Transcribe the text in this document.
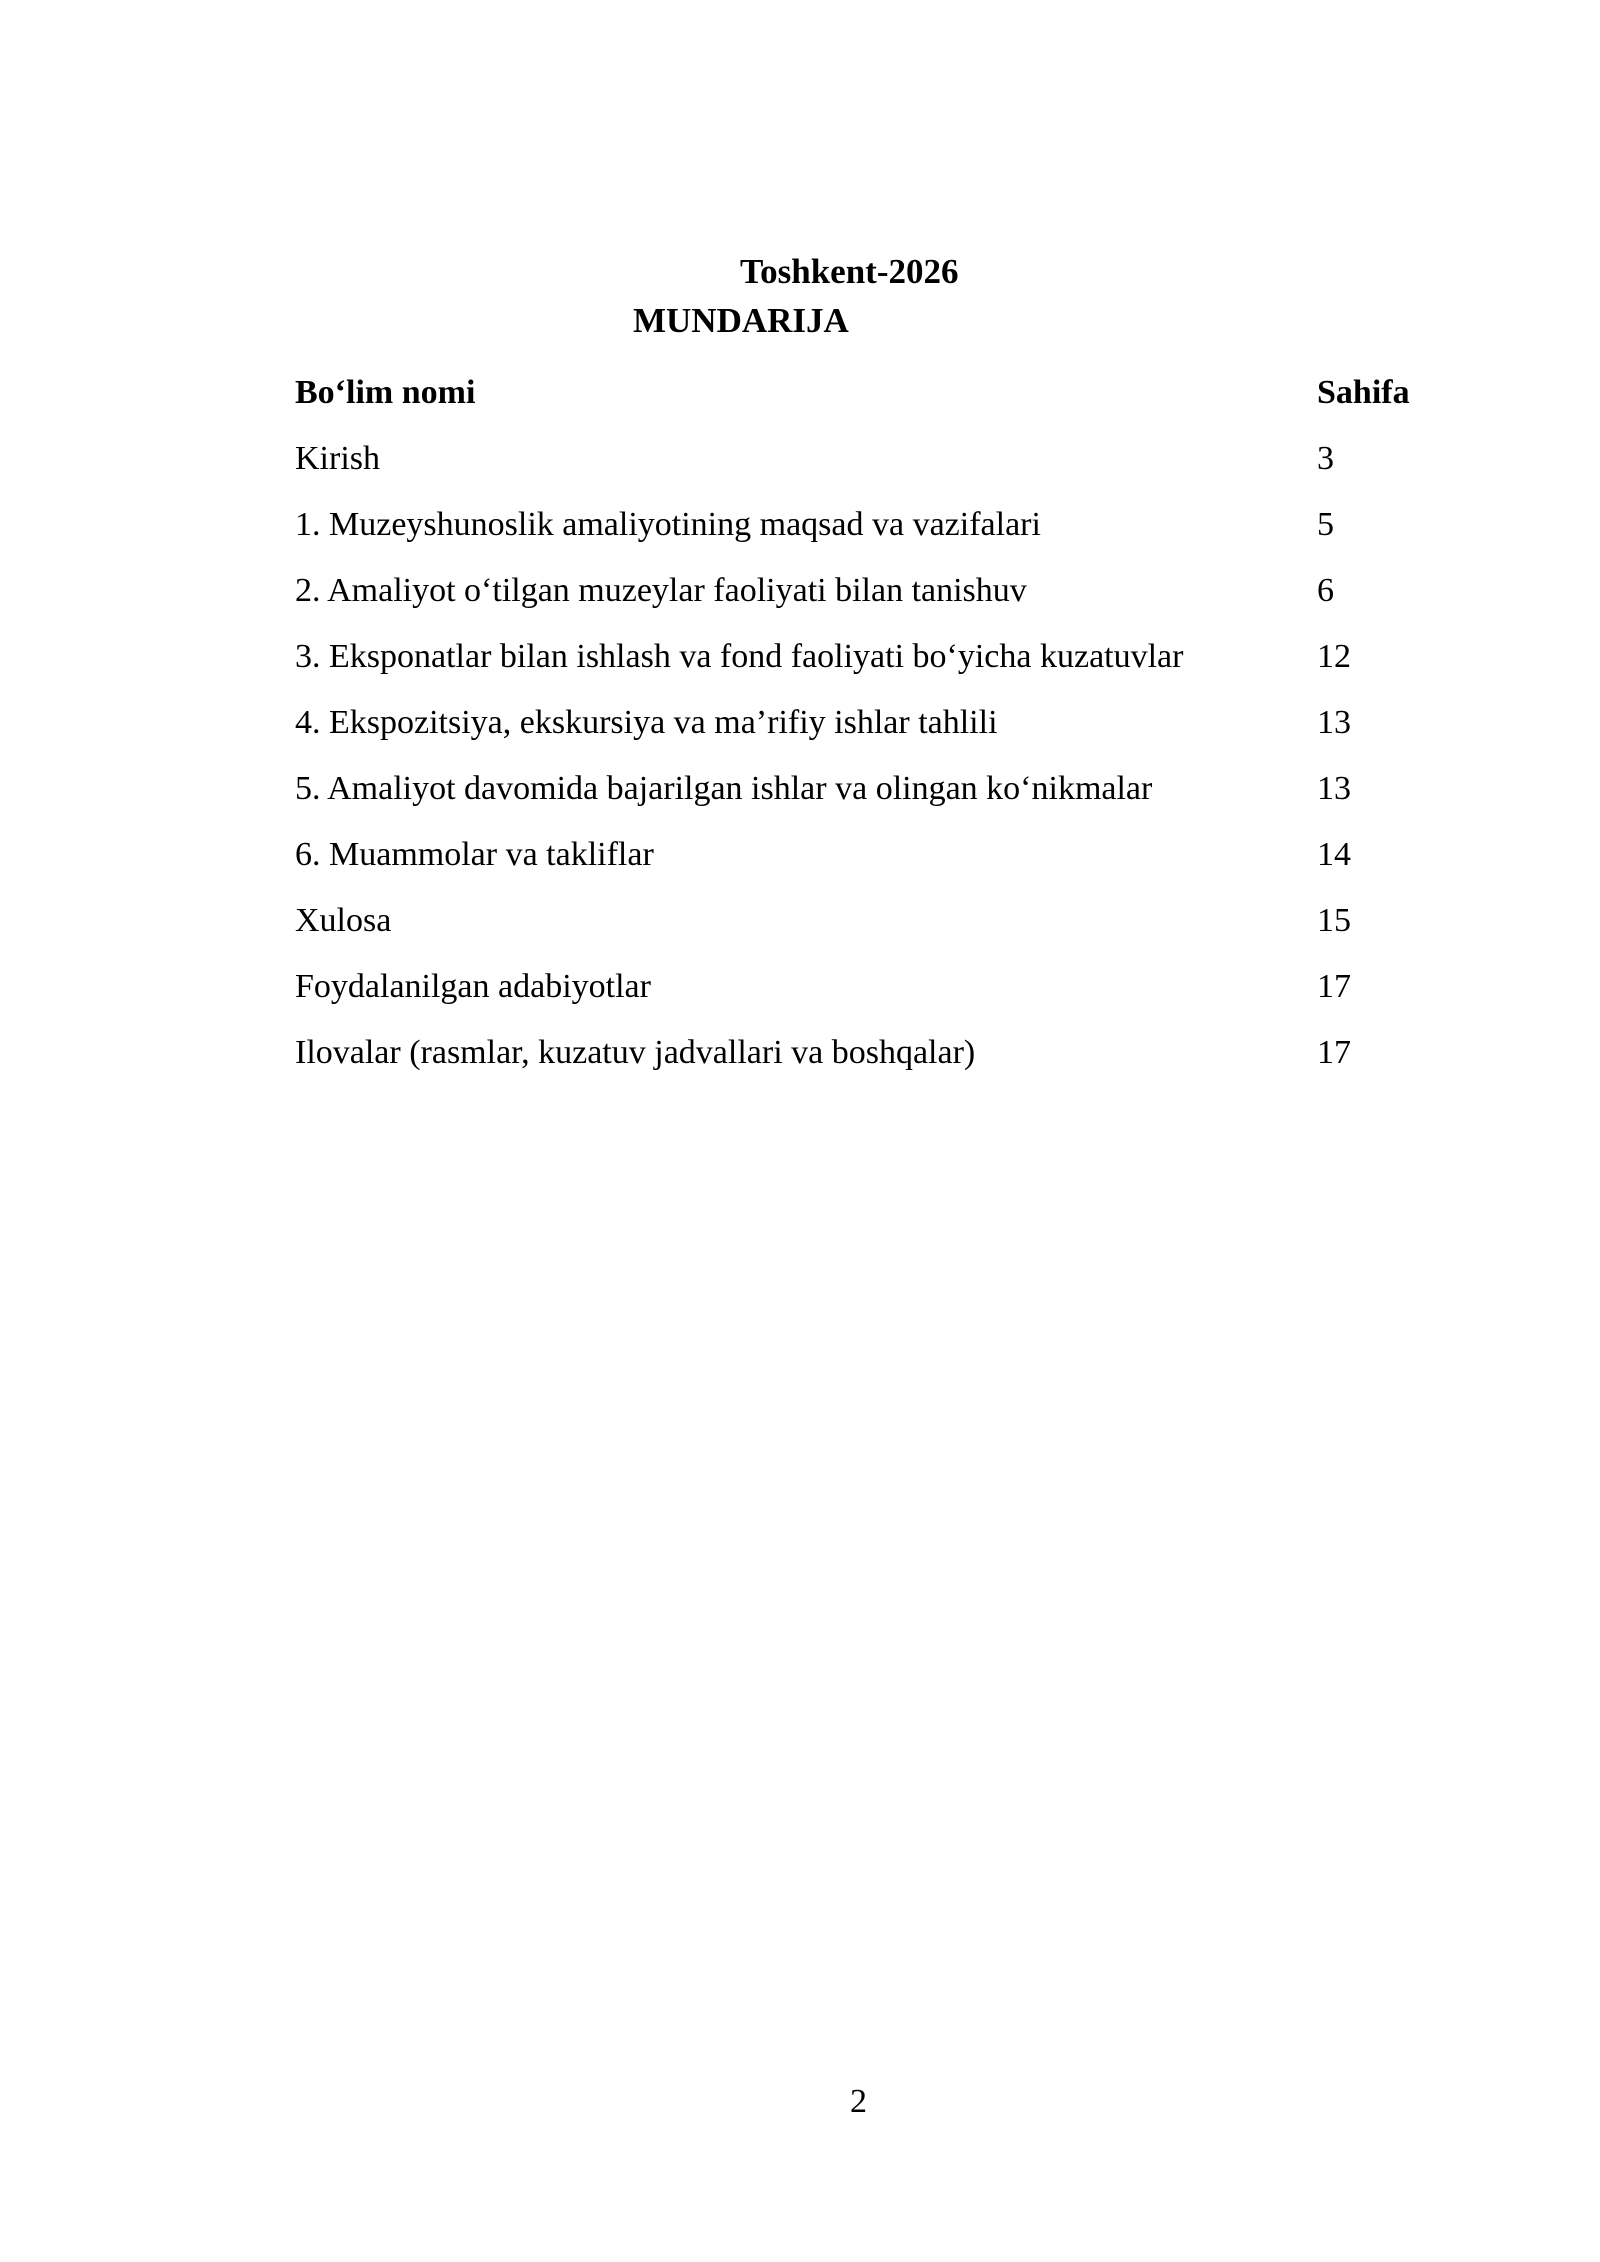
Toshkent-2026
MUNDARIJA
Bo‘lim nomi	Sahifa
Kirish	3
1. Muzeyshunoslik amaliyotining maqsad va vazifalari	5
2. Amaliyot o‘tilgan muzeylar faoliyati bilan tanishuv	6
3. Eksponatlar bilan ishlash va fond faoliyati bo‘yicha kuzatuvlar	12
4. Ekspozitsiya, ekskursiya va ma’rifiy ishlar tahlili	13
5. Amaliyot davomida bajarilgan ishlar va olingan ko‘nikmalar	13
6. Muammolar va takliflar	14
Xulosa	15
Foydalanilgan adabiyotlar	17
Ilovalar (rasmlar, kuzatuv jadvallari va boshqalar)	17
2
